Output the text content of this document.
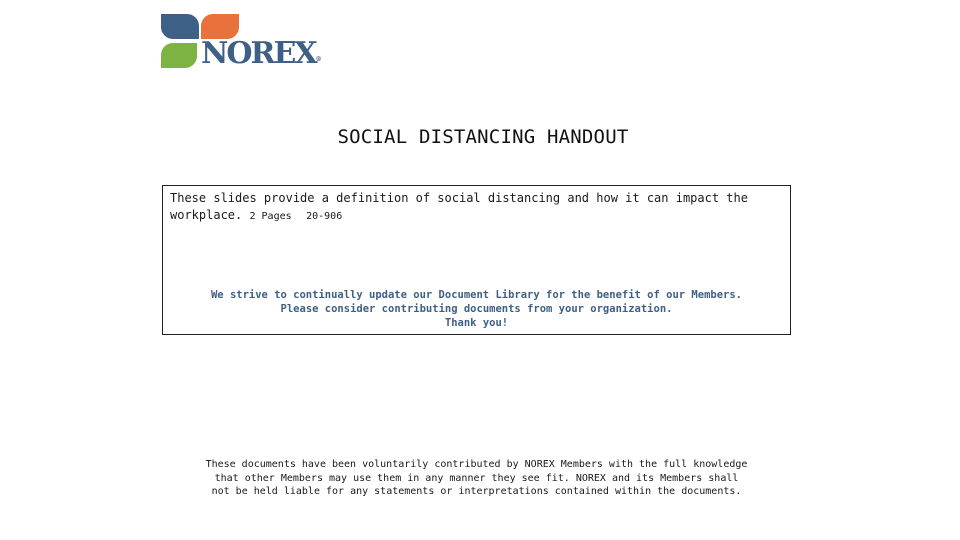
NOREX®
SOCIAL DISTANCING HANDOUT
These slides provide a definition of social distancing and how it can impact the workplace. 2 Pages 20-906
We strive to continually update our Document Library for the benefit of our Members.
Please consider contributing documents from your organization.
Thank you!
These documents have been voluntarily contributed by NOREX Members with the full knowledge
that other Members may use them in any manner they see fit. NOREX and its Members shall
not be held liable for any statements or interpretations contained within the documents.
